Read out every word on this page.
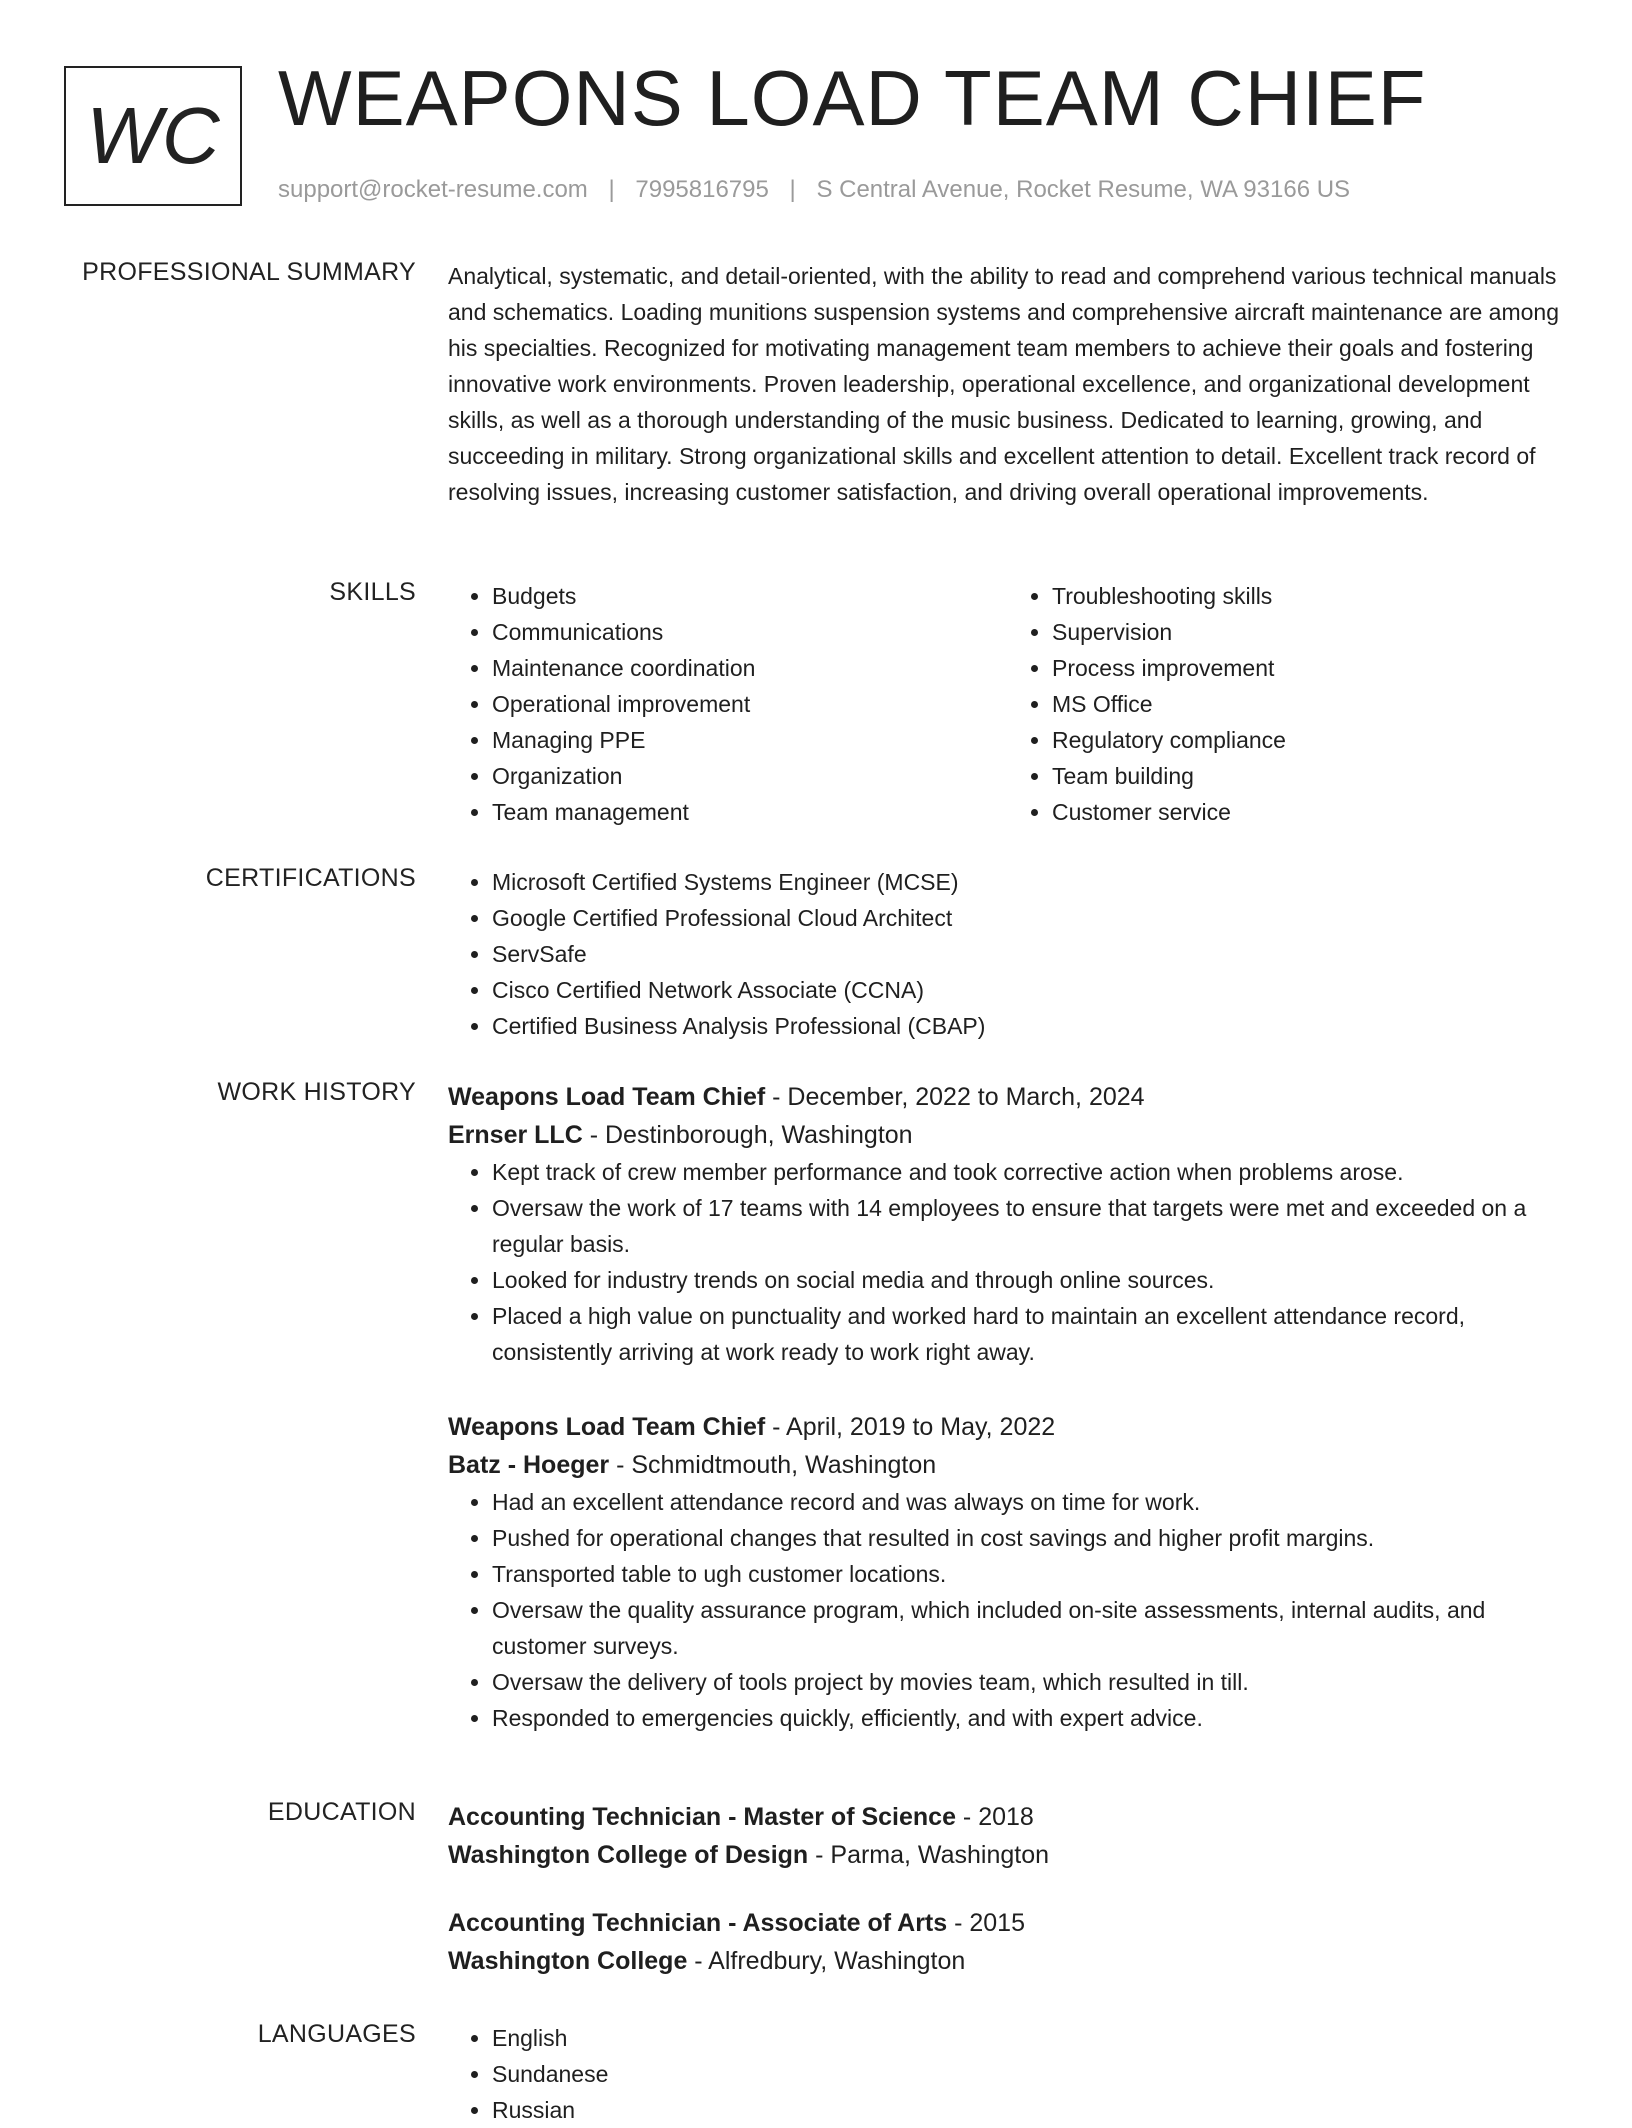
WC WEAPONS LOAD TEAM CHIEF
support@rocket-resume.com | 7995816795 | S Central Avenue, Rocket Resume, WA 93166 US
PROFESSIONAL SUMMARY Analytical, systematic, and detail-oriented, with the ability to read and comprehend various technical manuals and schematics. Loading munitions suspension systems and comprehensive aircraft maintenance are among his specialties. Recognized for motivating management team members to achieve their goals and fostering innovative work environments. Proven leadership, operational excellence, and organizational development skills, as well as a thorough understanding of the music business. Dedicated to learning, growing, and succeeding in military. Strong organizational skills and excellent attention to detail. Excellent track record of resolving issues, increasing customer satisfaction, and driving overall operational improvements.

SKILLS	• Budgets
• Communications
• Maintenance coordination
• Operational improvement
• Managing PPE
• Organization
• Team management
• Troubleshooting skills
• Supervision
• Process improvement
• MS Office
• Regulatory compliance
• Team building
• Customer service
CERTIFICATIONS	• Microsoft Certified Systems Engineer (MCSE)
• Google Certified Professional Cloud Architect
• ServSafe
• Cisco Certified Network Associate (CCNA)
• Certified Business Analysis Professional (CBAP)
WORK HISTORY Weapons Load Team Chief - December, 2022 to March, 2024
Ernser LLC - Destinborough, Washington
• Kept track of crew member performance and took corrective action when problems arose.
• Oversaw the work of 17 teams with 14 employees to ensure that targets were met and exceeded on a regular basis.
• Looked for industry trends on social media and through online sources.
• Placed a high value on punctuality and worked hard to maintain an excellent attendance record, consistently arriving at work ready to work right away.
Weapons Load Team Chief - April, 2019 to May, 2022
Batz - Hoeger - Schmidtmouth, Washington
• Had an excellent attendance record and was always on time for work.
• Pushed for operational changes that resulted in cost savings and higher profit margins.
• Transported table to ugh customer locations.
• Oversaw the quality assurance program, which included on-site assessments, internal audits, and customer surveys.
• Oversaw the delivery of tools project by movies team, which resulted in till.
• Responded to emergencies quickly, efficiently, and with expert advice.
EDUCATION Accounting Technician - Master of Science - 2018
Washington College of Design - Parma, Washington
Accounting Technician - Associate of Arts - 2015
Washington College - Alfredbury, Washington
LANGUAGES	• English
• Sundanese
• Russian
